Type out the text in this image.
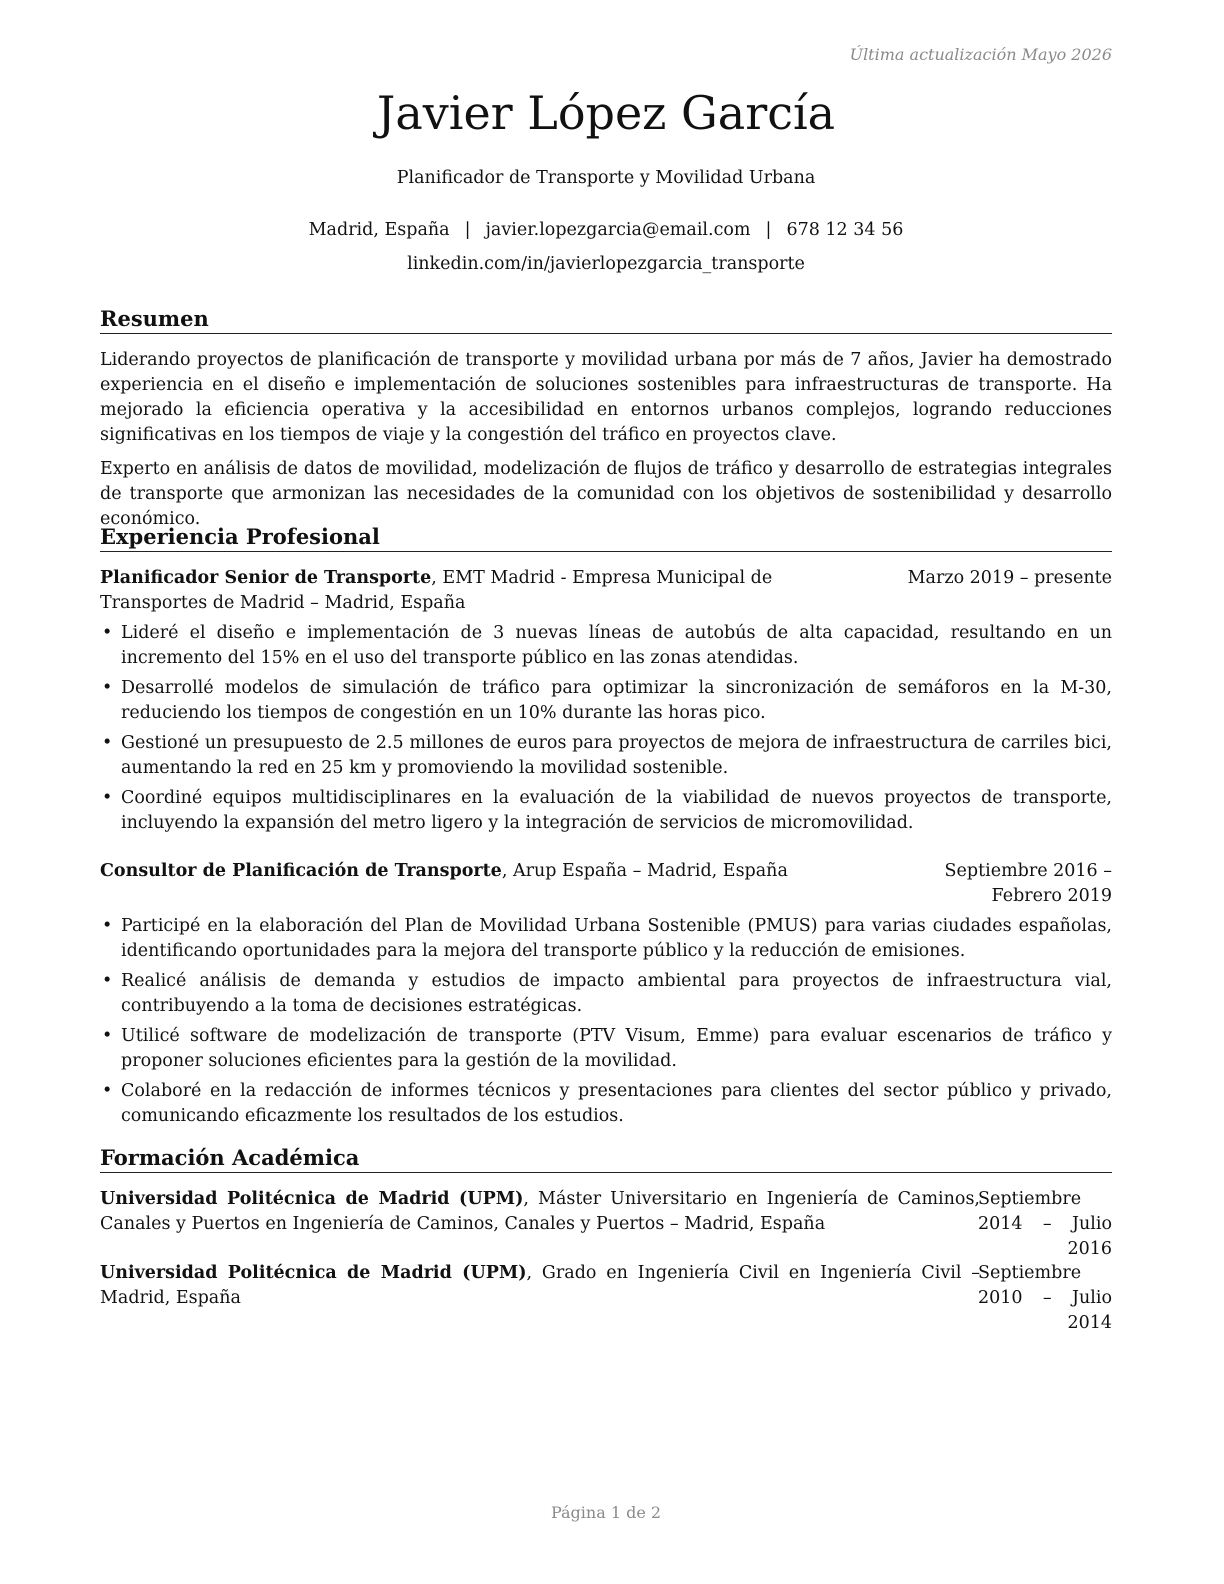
Última actualización Mayo 2026
Javier López García
Planificador de Transporte y Movilidad Urbana
Madrid, España | javier.lopezgarcia@email.com | 678 12 34 56
linkedin.com/in/javierlopezgarcia_transporte
Resumen

Liderando proyectos de planificación de transporte y movilidad urbana por más de 7 años, Javier ha demostrado experiencia en el diseño e implementación de soluciones sostenibles para infraestructuras de transporte. Ha mejorado la eficiencia operativa y la accesibilidad en entornos urbanos complejos, logrando reducciones significativas en los tiempos de viaje y la congestión del tráfico en proyectos clave.

Experto en análisis de datos de movilidad, modelización de flujos de tráfico y desarrollo de estrategias integrales de transporte que armonizan las necesidades de la comunidad con los objetivos de sostenibilidad y desarrollo económico.

Experiencia Profesional
Planificador Senior de Transporte, EMT Madrid - Empresa Municipal de Transportes de Madrid – Madrid, España
Marzo 2019 – presente
• Lideré el diseño e implementación de 3 nuevas líneas de autobús de alta capacidad, resultando en un incremento del 15% en el uso del transporte público en las zonas atendidas.
• Desarrollé modelos de simulación de tráfico para optimizar la sincronización de semáforos en la M-30, reduciendo los tiempos de congestión en un 10% durante las horas pico.
• Gestioné un presupuesto de 2.5 millones de euros para proyectos de mejora de infraestructura de carriles bici, aumentando la red en 25 km y promoviendo la movilidad sostenible.
• Coordiné equipos multidisciplinares en la evaluación de la viabilidad de nuevos proyectos de transporte, incluyendo la expansión del metro ligero y la integración de servicios de micromovilidad.
Consultor de Planificación de Transporte, Arup España – Madrid, España	Septiembre 2016 – Febrero 2019
• Participé en la elaboración del Plan de Movilidad Urbana Sostenible (PMUS) para varias ciudades españolas, identificando oportunidades para la mejora del transporte público y la reducción de emisiones.
• Realicé análisis de demanda y estudios de impacto ambiental para proyectos de infraestructura vial, contribuyendo a la toma de decisiones estratégicas.
• Utilicé software de modelización de transporte (PTV Visum, Emme) para evaluar escenarios de tráfico y proponer soluciones eficientes para la gestión de la movilidad.
• Colaboré en la redacción de informes técnicos y presentaciones para clientes del sector público y privado, comunicando eficazmente los resultados de los estudios.
Formación Académica
Universidad Politécnica de Madrid (UPM), Máster Universitario en Ingeniería de Caminos, Canales y Puertos en Ingeniería de Caminos, Canales y Puertos – Madrid, España
Septiembre 2014 – Julio
2016
Universidad Politécnica de Madrid (UPM), Grado en Ingeniería Civil en Ingeniería Civil – Madrid, España
Septiembre 2010 – Julio
2014
Página 1 de 2
